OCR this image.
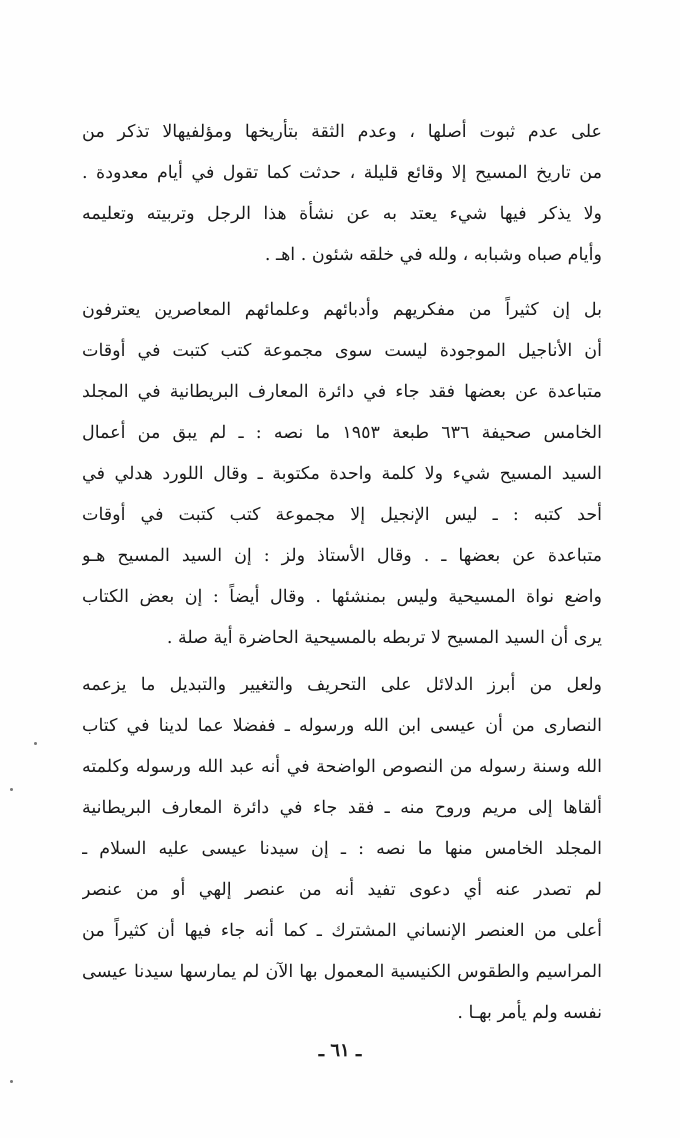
على عدم ثبوت أصلها ، وعدم الثقة بتأريخها ومؤلفيهالا تذكر من
من تاريخ المسيح إلا وقائع قليلة ، حدثت كما تقول في أيام معدودة .
ولا يذكر فيها شيء يعتد به عن نشأة هذا الرجل وتربيته وتعليمه
وأيام صباه وشبابه ، ولله في خلقه شئون . اهـ .
بل إن كثيراً من مفكريهم وأدبائهم وعلمائهم المعاصرين يعترفون
أن الأناجيل الموجودة ليست سوى مجموعة كتب كتبت في أوقات
متباعدة عن بعضها فقد جاء في دائرة المعارف البريطانية في المجلد
الخامس صحيفة ٦٣٦ طبعة ١٩٥٣ ما نصه : ـ لم يبق من أعمال
السيد المسيح شيء ولا كلمة واحدة مكتوبة ـ وقال اللورد هدلي في
أحد كتبه : ـ ليس الإنجيل إلا مجموعة كتب كتبت في أوقات
متباعدة عن بعضها ـ . وقال الأستاذ ولز : إن السيد المسيح هـو
واضع نواة المسيحية وليس بمنشئها . وقال أيضاً : إن بعض الكتاب
يرى أن السيد المسيح لا تربطه بالمسيحية الحاضرة أية صلة .
ولعل من أبرز الدلائل على التحريف والتغيير والتبديل ما يزعمه
النصارى من أن عيسى ابن الله ورسوله ـ ففضلا عما لدينا في كتاب
الله وسنة رسوله من النصوص الواضحة في أنه عبد الله ورسوله وكلمته
ألقاها إلى مريم وروح منه ـ فقد جاء في دائرة المعارف البريطانية
المجلد الخامس منها ما نصه : ـ إن سيدنا عيسى عليه السلام ـ
لم تصدر عنه أي دعوى تفيد أنه من عنصر إلهي أو من عنصر
أعلى من العنصر الإنساني المشترك ـ كما أنه جاء فيها أن كثيراً من
المراسيم والطقوس الكنيسية المعمول بها الآن لم يمارسها سيدنا عيسى
نفسه ولم يأمر بهـا .
ـ ٦١ ـ
